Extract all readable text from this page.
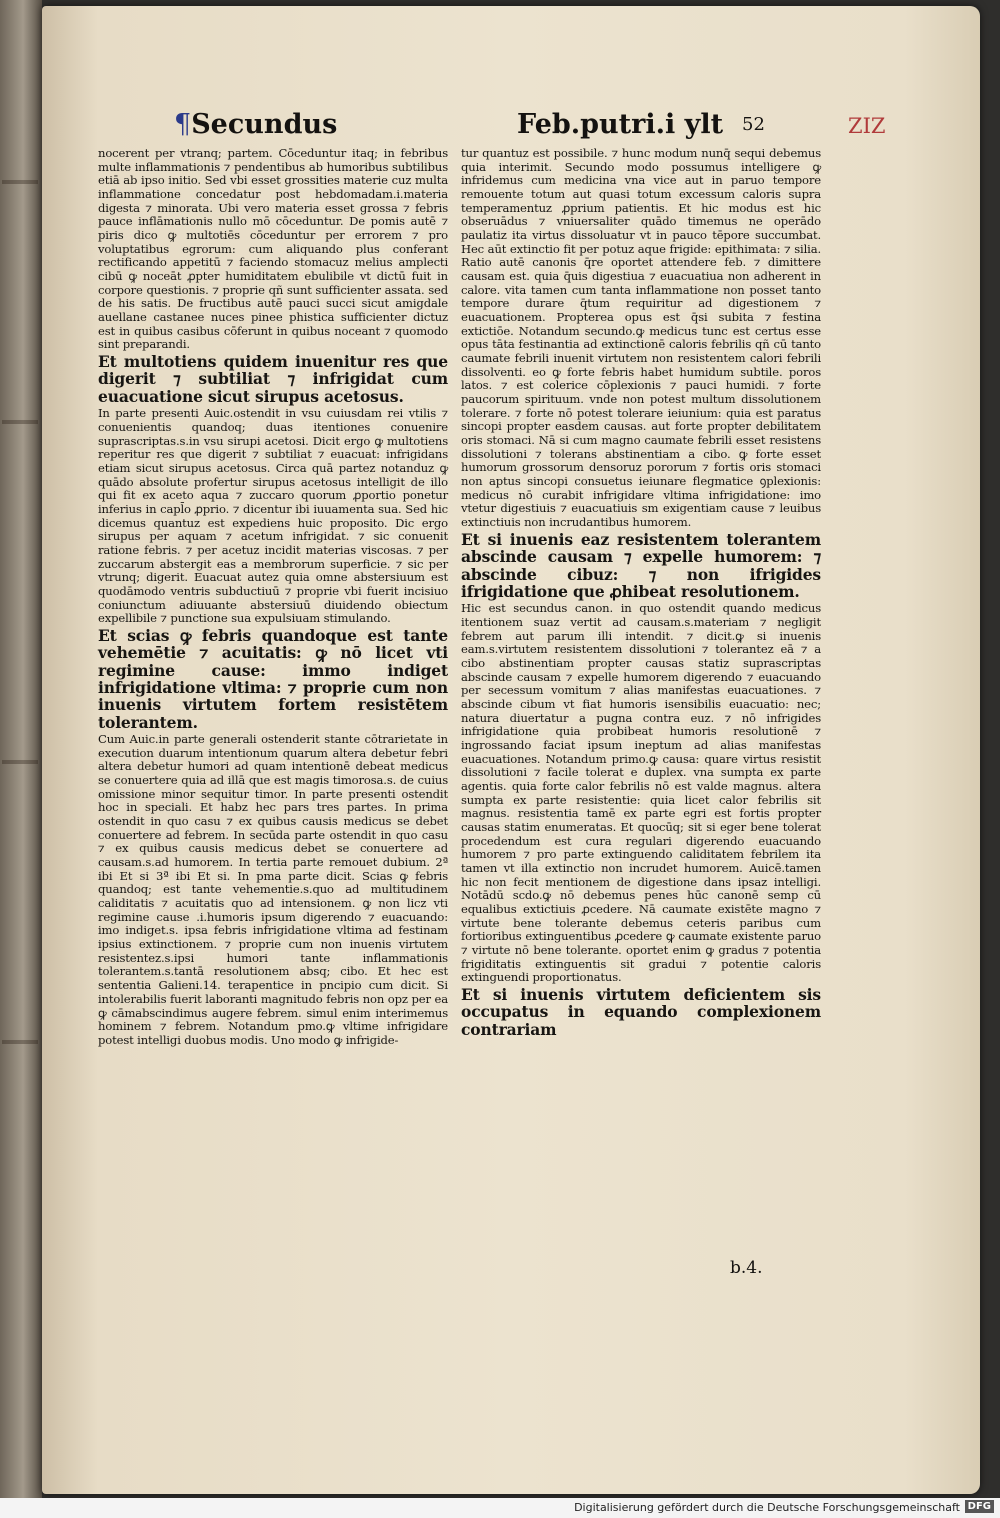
¶Secundus	Feb.putri.i ylt 52	ZIZ

nocerent per vtranq; partem. Cōceduntur itaq; in febribus multe inflammationis ⁊ pendentibus ab humoribus subtilibus etiā ab ipso initio. Sed vbi esset grossities materie cuz multa inflammatione concedatur post hebdomadam.i.materia digesta ⁊ minorata. Ubi vero materia esset grossa ⁊ febris pauce inflāmationis nullo mō cōceduntur. De pomis autē ⁊ piris dico ꝙ multotiēs cōceduntur per errorem ⁊ pro voluptatibus egrorum: cum aliquando plus conferant rectificando appetitū ⁊ faciendo stomacuz melius amplecti cibū ꝙ noceāt ꝓpter humiditatem ebulibile vt dictū fuit in corpore questionis. ⁊ proprie qñ sunt sufficienter assata. sed de his satis. De fructibus autē pauci succi sicut amigdale auellane castanee nuces pinee phistica sufficienter dictuz est in quibus casibus cōferunt in quibus noceant ⁊ quomodo sint preparandi.

Et multotiens quidem inuenitur res que digerit ⁊ subtiliat ⁊ infrigidat cum euacuatione sicut sirupus acetosus.

In parte presenti Auic.ostendit in vsu cuiusdam rei vtilis ⁊ conuenientis quandoq; duas itentiones conuenire suprascriptas.s.in vsu sirupi acetosi. Dicit ergo ꝙ multotiens reperitur res que digerit ⁊ subtiliat ⁊ euacuat: infrigidans etiam sicut sirupus acetosus. Circa quā partez notanduz ꝙ quādo absolute profertur sirupus acetosus intelligit de illo qui fit ex aceto aqua ⁊ zuccaro quorum ꝓportio ponetur inferius in capl̄o ꝓprio. ⁊ dicentur ibi iuuamenta sua. Sed hic dicemus quantuz est expediens huic proposito. Dic ergo sirupus per aquam ⁊ acetum infrigidat. ⁊ sic conuenit ratione febris. ⁊ per acetuz incidit materias viscosas. ⁊ per zuccarum abstergit eas a membrorum superficie. ⁊ sic per vtrunq; digerit. Euacuat autez quia omne abstersiuum est quodāmodo ventris subductiuū ⁊ proprie vbi fuerit incisiuo coniunctum adiuuante abstersiuū diuidendo obiectum expellibile ⁊ punctione sua expulsiuam stimulando.

Et scias ꝙ febris quandoque est tante vehemētie ⁊ acuitatis: ꝙ nō licet vti regimine cause: immo indiget infrigidatione vltima: ⁊ proprie cum non inuenis virtutem fortem resistētem tolerantem.

Cum Auic.in parte generali ostenderit stante cōtrarietate in execution duarum intentionum quarum altera debetur febri altera debetur humori ad quam intentionē debeat medicus se conuertere quia ad illā que est magis timorosa.s. de cuius omissione minor sequitur timor. In parte presenti ostendit hoc in speciali. Et habz hec pars tres partes. In prima ostendit in quo casu ⁊ ex quibus causis medicus se debet conuertere ad febrem. In secūda parte ostendit in quo casu ⁊ ex quibus causis medicus debet se conuertere ad causam.s.ad humorem. In tertia parte remouet dubium. 2ª ibi Et si 3ª ibi Et si. In pma parte dicit. Scias ꝙ febris quandoq; est tante vehementie.s.quo ad multitudinem caliditatis ⁊ acuitatis quo ad intensionem. ꝙ non licz vti regimine cause .i.humoris ipsum digerendo ⁊ euacuando: imo indiget.s. ipsa febris infrigidatione vltima ad festinam ipsius extinctionem. ⁊ proprie cum non inuenis virtutem resistentez.s.ipsi humori tante inflammationis tolerantem.s.tantā resolutionem absq; cibo. Et hec est sententia Galieni.14. terapentice in pncipio cum dicit. Si intolerabilis fuerit laboranti magnitudo febris non opz per ea ꝙ cāmabscindimus augere febrem. simul enim interimemus hominem ⁊ febrem. Notandum pmo.ꝙ vltime infrigidare potest intelligi duobus modis. Uno modo ꝙ infrigide-

tur quantuz est possibile. ⁊ hunc modum nunq̄ sequi debemus quia interimit. Secundo modo possumus intelligere ꝙ infridemus cum medicina vna vice aut in paruo tempore remouente totum aut quasi totum excessum caloris supra temperamentuz ꝓprium patientis. Et hic modus est hic obseruādus ⁊ vniuersaliter quādo timemus ne operādo paulatiz ita virtus dissoluatur vt in pauco tēpore succumbat. Hec aūt extinctio fit per potuz aque frigide: epithimata: ⁊ silia. Ratio autē canonis q̄re oportet attendere feb. ⁊ dimittere causam est. quia q̄uis digestiua ⁊ euacuatiua non adherent in calore. vita tamen cum tanta inflammatione non posset tanto tempore durare q̄tum requiritur ad digestionem ⁊ euacuationem. Propterea opus est q̄si subita ⁊ festina extictiōe. Notandum secundo.ꝙ medicus tunc est certus esse opus tāta festinantia ad extinctionē caloris febrilis qñ cū tanto caumate febrili inuenit virtutem non resistentem calori febrili dissolventi. eo ꝙ forte febris habet humidum subtile. poros latos. ⁊ est colerice cōplexionis ⁊ pauci humidi. ⁊ forte paucorum spirituum. vnde non potest multum dissolutionem tolerare. ⁊ forte nō potest tolerare ieiunium: quia est paratus sincopi propter easdem causas. aut forte propter debilitatem oris stomaci. Nā si cum magno caumate febrili esset resistens dissolutioni ⁊ tolerans abstinentiam a cibo. ꝙ forte esset humorum grossorum densoruz pororum ⁊ fortis oris stomaci non aptus sincopi consuetus ieiunare flegmatice ꝯplexionis: medicus nō curabit infrigidare vltima infrigidatione: imo vtetur digestiuis ⁊ euacuatiuis sm exigentiam cause ⁊ leuibus extinctiuis non incrudantibus humorem.

Et si inuenis eaz resistentem tolerantem abscinde causam ⁊ expelle humorem: ⁊ abscinde cibuz: ⁊ non ifrigides ifrigidatione que ꝓhibeat resolutionem.

Hic est secundus canon. in quo ostendit quando medicus itentionem suaz vertit ad causam.s.materiam ⁊ negligit febrem aut parum illi intendit. ⁊ dicit.ꝙ si inuenis eam.s.virtutem resistentem dissolutioni ⁊ tolerantez eā ⁊ a cibo abstinentiam propter causas statiz suprascriptas abscinde causam ⁊ expelle humorem digerendo ⁊ euacuando per secessum vomitum ⁊ alias manifestas euacuationes. ⁊ abscinde cibum vt fiat humoris isensibilis euacuatio: nec; natura diuertatur a pugna contra euz. ⁊ nō infrigides infrigidatione quia probibeat humoris resolutionē ⁊ ingrossando faciat ipsum ineptum ad alias manifestas euacuationes. Notandum primo.ꝙ causa: quare virtus resistit dissolutioni ⁊ facile tolerat e duplex. vna sumpta ex parte agentis. quia forte calor febrilis nō est valde magnus. altera sumpta ex parte resistentie: quia licet calor febrilis sit magnus. resistentia tamē ex parte egri est fortis propter causas statim enumeratas. Et quocūq; sit si eger bene tolerat procedendum est cura regulari digerendo euacuando humorem ⁊ pro parte extinguendo caliditatem febrilem ita tamen vt illa extinctio non incrudet humorem. Auicē.tamen hic non fecit mentionem de digestione dans ipsaz intelligi. Notādū scdo.ꝙ nō debemus penes hūc canonē semp cū equalibus extictiuis ꝓcedere. Nā caumate existēte magno ⁊ virtute bene tolerante debemus ceteris paribus cum fortioribus extinguentibus ꝓcedere ꝙ caumate existente paruo ⁊ virtute nō bene tolerante. oportet enim ꝙ gradus ⁊ potentia frigiditatis extinguentis sit gradui ⁊ potentie caloris extinguendi proportionatus.

Et si inuenis virtutem deficientem sis occupatus in equando complexionem contrariam

b.4.
Digitalisierung gefördert durch die Deutsche Forschungsgemeinschaft DFG
